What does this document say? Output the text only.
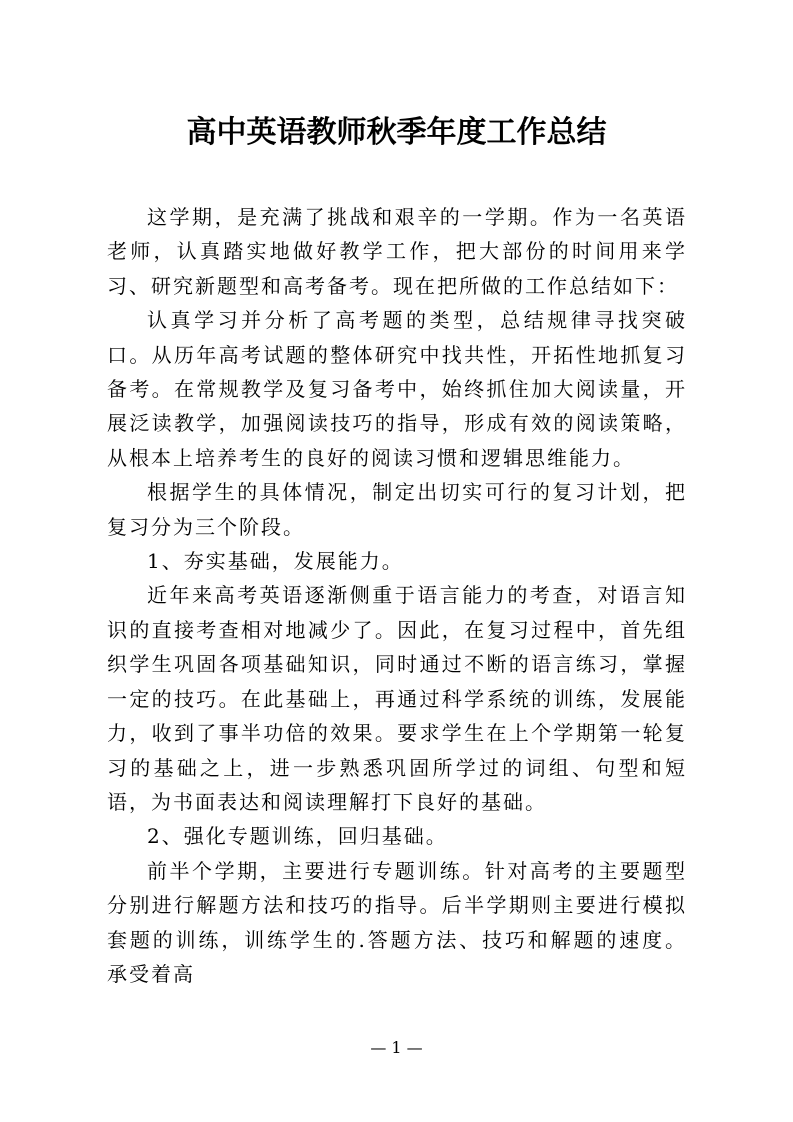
高中英语教师秋季年度工作总结

这学期，是充满了挑战和艰辛的一学期。作为一名英语老师，认真踏实地做好教学工作，把大部份的时间用来学习、研究新题型和高考备考。现在把所做的工作总结如下：

认真学习并分析了高考题的类型，总结规律寻找突破口。从历年高考试题的整体研究中找共性，开拓性地抓复习备考。在常规教学及复习备考中，始终抓住加大阅读量，开展泛读教学，加强阅读技巧的指导，形成有效的阅读策略，从根本上培养考生的良好的阅读习惯和逻辑思维能力。

根据学生的具体情况，制定出切实可行的复习计划，把复习分为三个阶段。

1、夯实基础，发展能力。

近年来高考英语逐渐侧重于语言能力的考查，对语言知识的直接考查相对地减少了。因此，在复习过程中，首先组织学生巩固各项基础知识，同时通过不断的语言练习，掌握一定的技巧。在此基础上，再通过科学系统的训练，发展能力，收到了事半功倍的效果。要求学生在上个学期第一轮复习的基础之上，进一步熟悉巩固所学过的词组、句型和短语，为书面表达和阅读理解打下良好的基础。

2、强化专题训练，回归基础。

前半个学期，主要进行专题训练。针对高考的主要题型分别进行解题方法和技巧的指导。后半学期则主要进行模拟套题的训练，训练学生的.答题方法、技巧和解题的速度。承受着高

— 1 —
